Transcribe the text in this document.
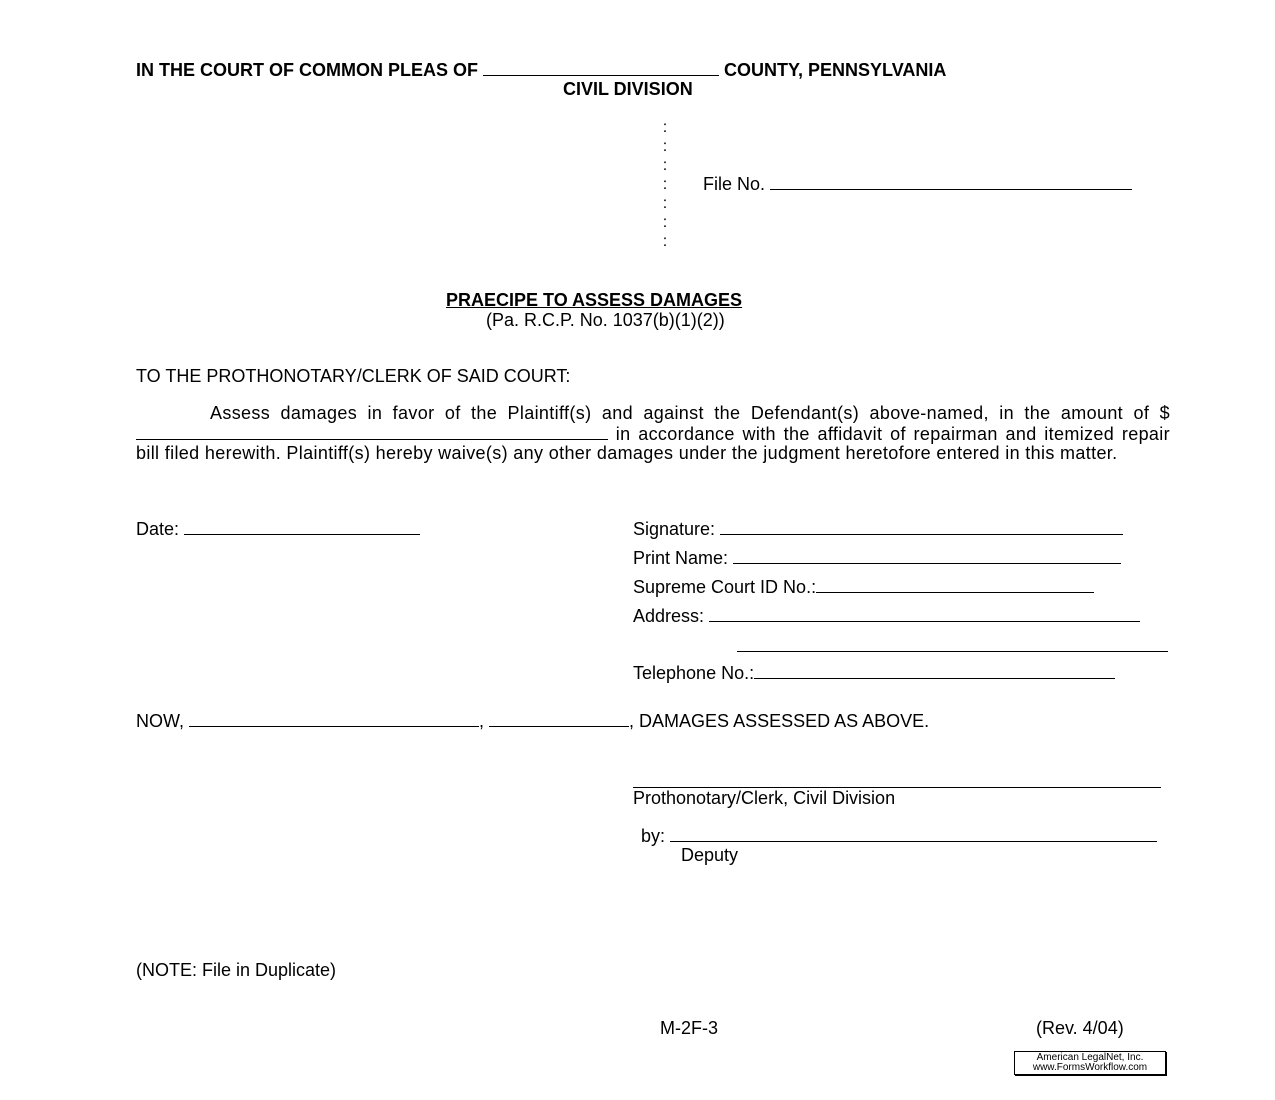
IN THE COURT OF COMMON PLEAS OF	COUNTY, PENNSYLVANIA
CIVIL DIVISION
:
:
:
:
:
:
:
File No.
PRAECIPE TO ASSESS DAMAGES
(Pa. R.C.P. No. 1037(b)(1)(2))
TO THE PROTHONOTARY/CLERK OF SAID COURT:
Assess damages in favor of the Plaintiff(s) and against the Defendant(s) above-named, in the amount of $ in accordance with the affidavit of repairman and itemized repair bill filed herewith. Plaintiff(s) hereby waive(s) any other damages under the judgment heretofore entered in this matter.
Date:	Signature:
Print Name:
Supreme Court ID No.:
Address:
Telephone No.:
NOW,	,	, DAMAGES ASSESSED AS ABOVE.
Prothonotary/Clerk, Civil Division
by:
Deputy
(NOTE: File in Duplicate)
M-2F-3	(Rev. 4/04)
American LegalNet, Inc.
www.FormsWorkflow.com
